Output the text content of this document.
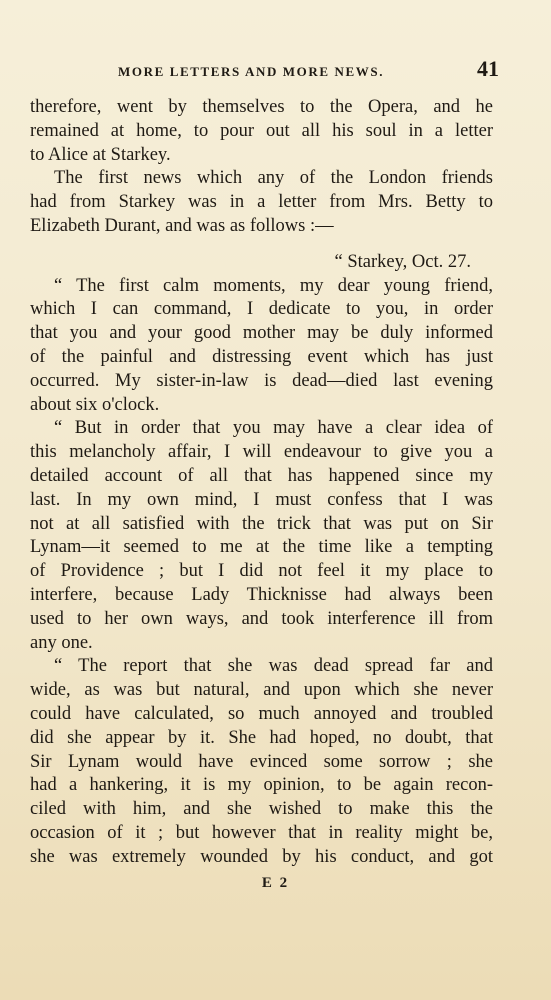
MORE LETTERS AND MORE NEWS.	41
therefore, went by themselves to the Opera, and he
remained at home, to pour out all his soul in a letter
to Alice at Starkey.
The first news which any of the London friends
had from Starkey was in a letter from Mrs. Betty to
Elizabeth Durant, and was as follows :—
“ Starkey, Oct. 27.
“ The first calm moments, my dear young friend,
which I can command, I dedicate to you, in order
that you and your good mother may be duly informed
of the painful and distressing event which has just
occurred. My sister-in-law is dead—died last evening
about six o'clock.
“ But in order that you may have a clear idea of
this melancholy affair, I will endeavour to give you a
detailed account of all that has happened since my
last. In my own mind, I must confess that I was
not at all satisfied with the trick that was put on Sir
Lynam—it seemed to me at the time like a tempting
of Providence ; but I did not feel it my place to
interfere, because Lady Thicknisse had always been
used to her own ways, and took interference ill from
any one.
“ The report that she was dead spread far and
wide, as was but natural, and upon which she never
could have calculated, so much annoyed and troubled
did she appear by it. She had hoped, no doubt, that
Sir Lynam would have evinced some sorrow ; she
had a hankering, it is my opinion, to be again recon-
ciled with him, and she wished to make this the
occasion of it ; but however that in reality might be,
she was extremely wounded by his conduct, and got
E 2
